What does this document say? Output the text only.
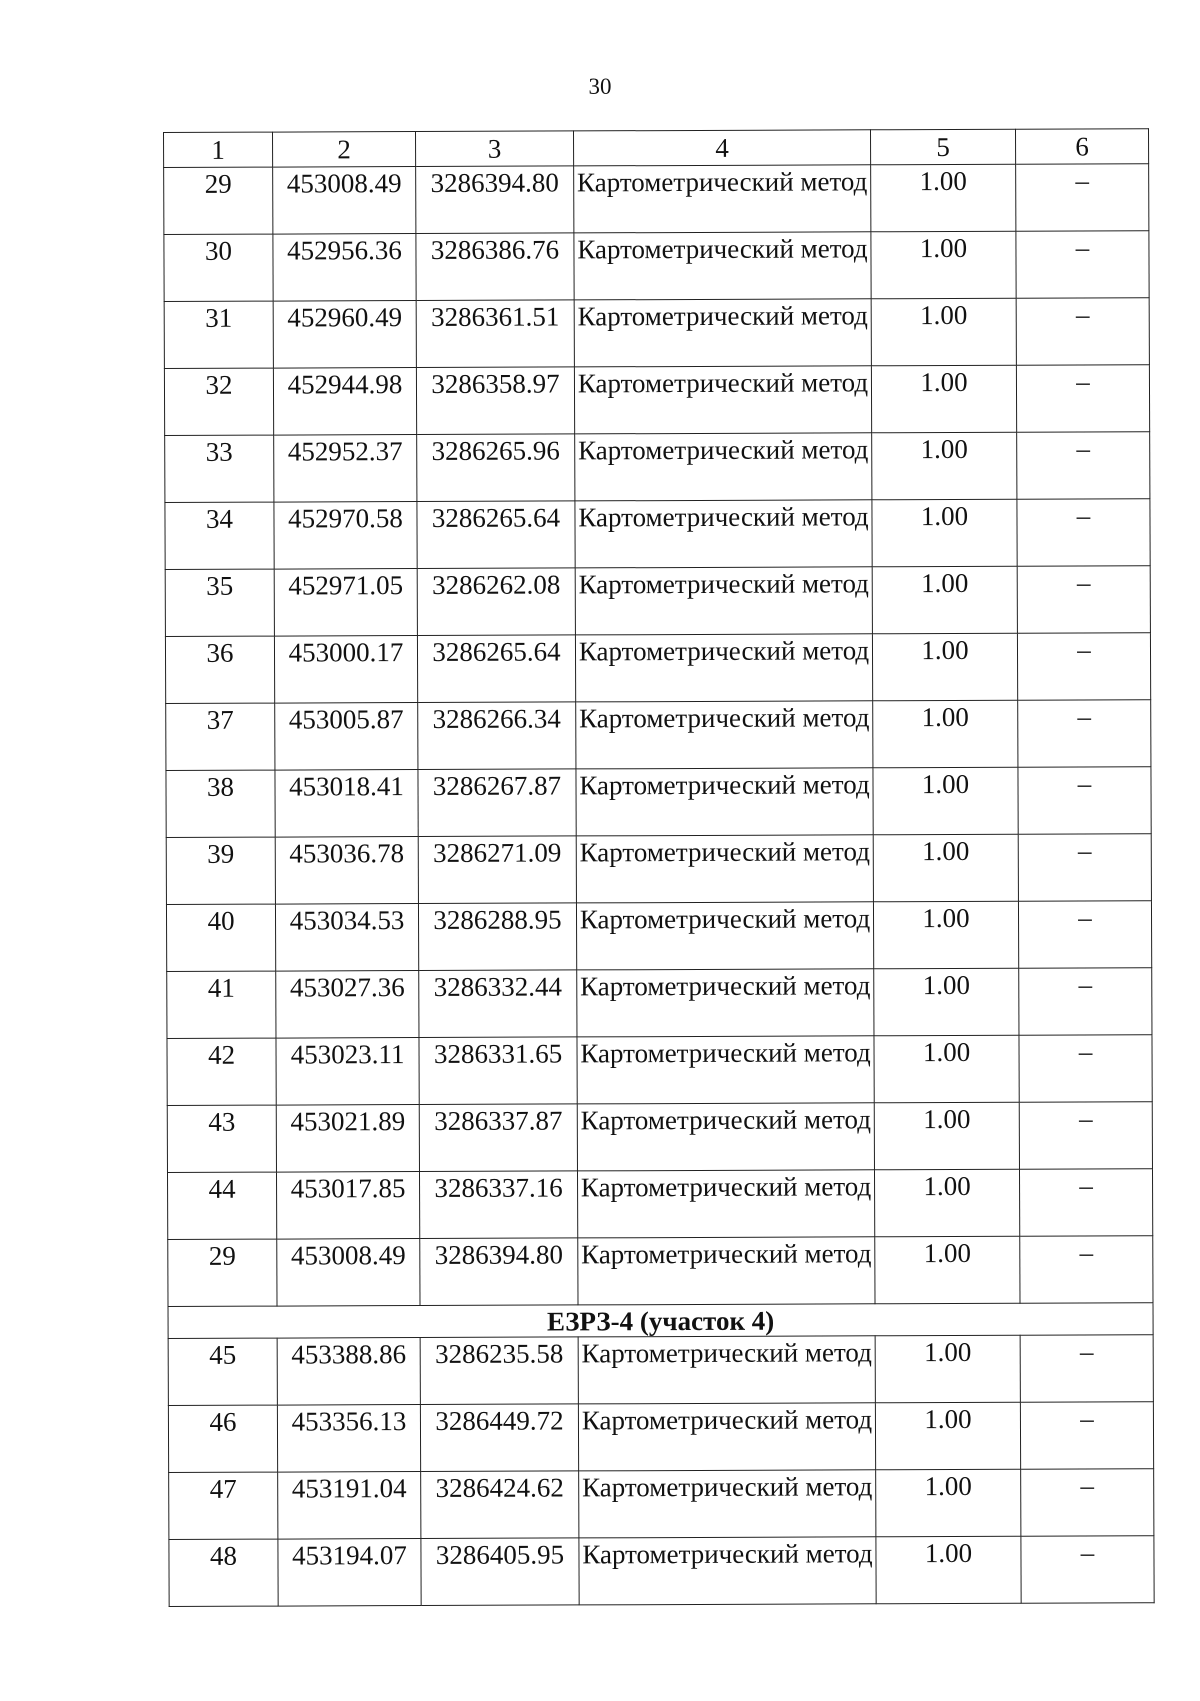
30
1	2	3	4	5	6
29	453008.49	3286394.80	Картометрический метод	1.00	–
30	452956.36	3286386.76	Картометрический метод	1.00	–
31	452960.49	3286361.51	Картометрический метод	1.00	–
32	452944.98	3286358.97	Картометрический метод	1.00	–
33	452952.37	3286265.96	Картометрический метод	1.00	–
34	452970.58	3286265.64	Картометрический метод	1.00	–
35	452971.05	3286262.08	Картометрический метод	1.00	–
36	453000.17	3286265.64	Картометрический метод	1.00	–
37	453005.87	3286266.34	Картометрический метод	1.00	–
38	453018.41	3286267.87	Картометрический метод	1.00	–
39	453036.78	3286271.09	Картометрический метод	1.00	–
40	453034.53	3286288.95	Картометрический метод	1.00	–
41	453027.36	3286332.44	Картометрический метод	1.00	–
42	453023.11	3286331.65	Картометрический метод	1.00	–
43	453021.89	3286337.87	Картометрический метод	1.00	–
44	453017.85	3286337.16	Картометрический метод	1.00	–
29	453008.49	3286394.80	Картометрический метод	1.00	–
ЕЗРЗ-4 (участок 4)					
45	453388.86	3286235.58	Картометрический метод	1.00	–
46	453356.13	3286449.72	Картометрический метод	1.00	–
47	453191.04	3286424.62	Картометрический метод	1.00	–
48	453194.07	3286405.95	Картометрический метод	1.00	–
